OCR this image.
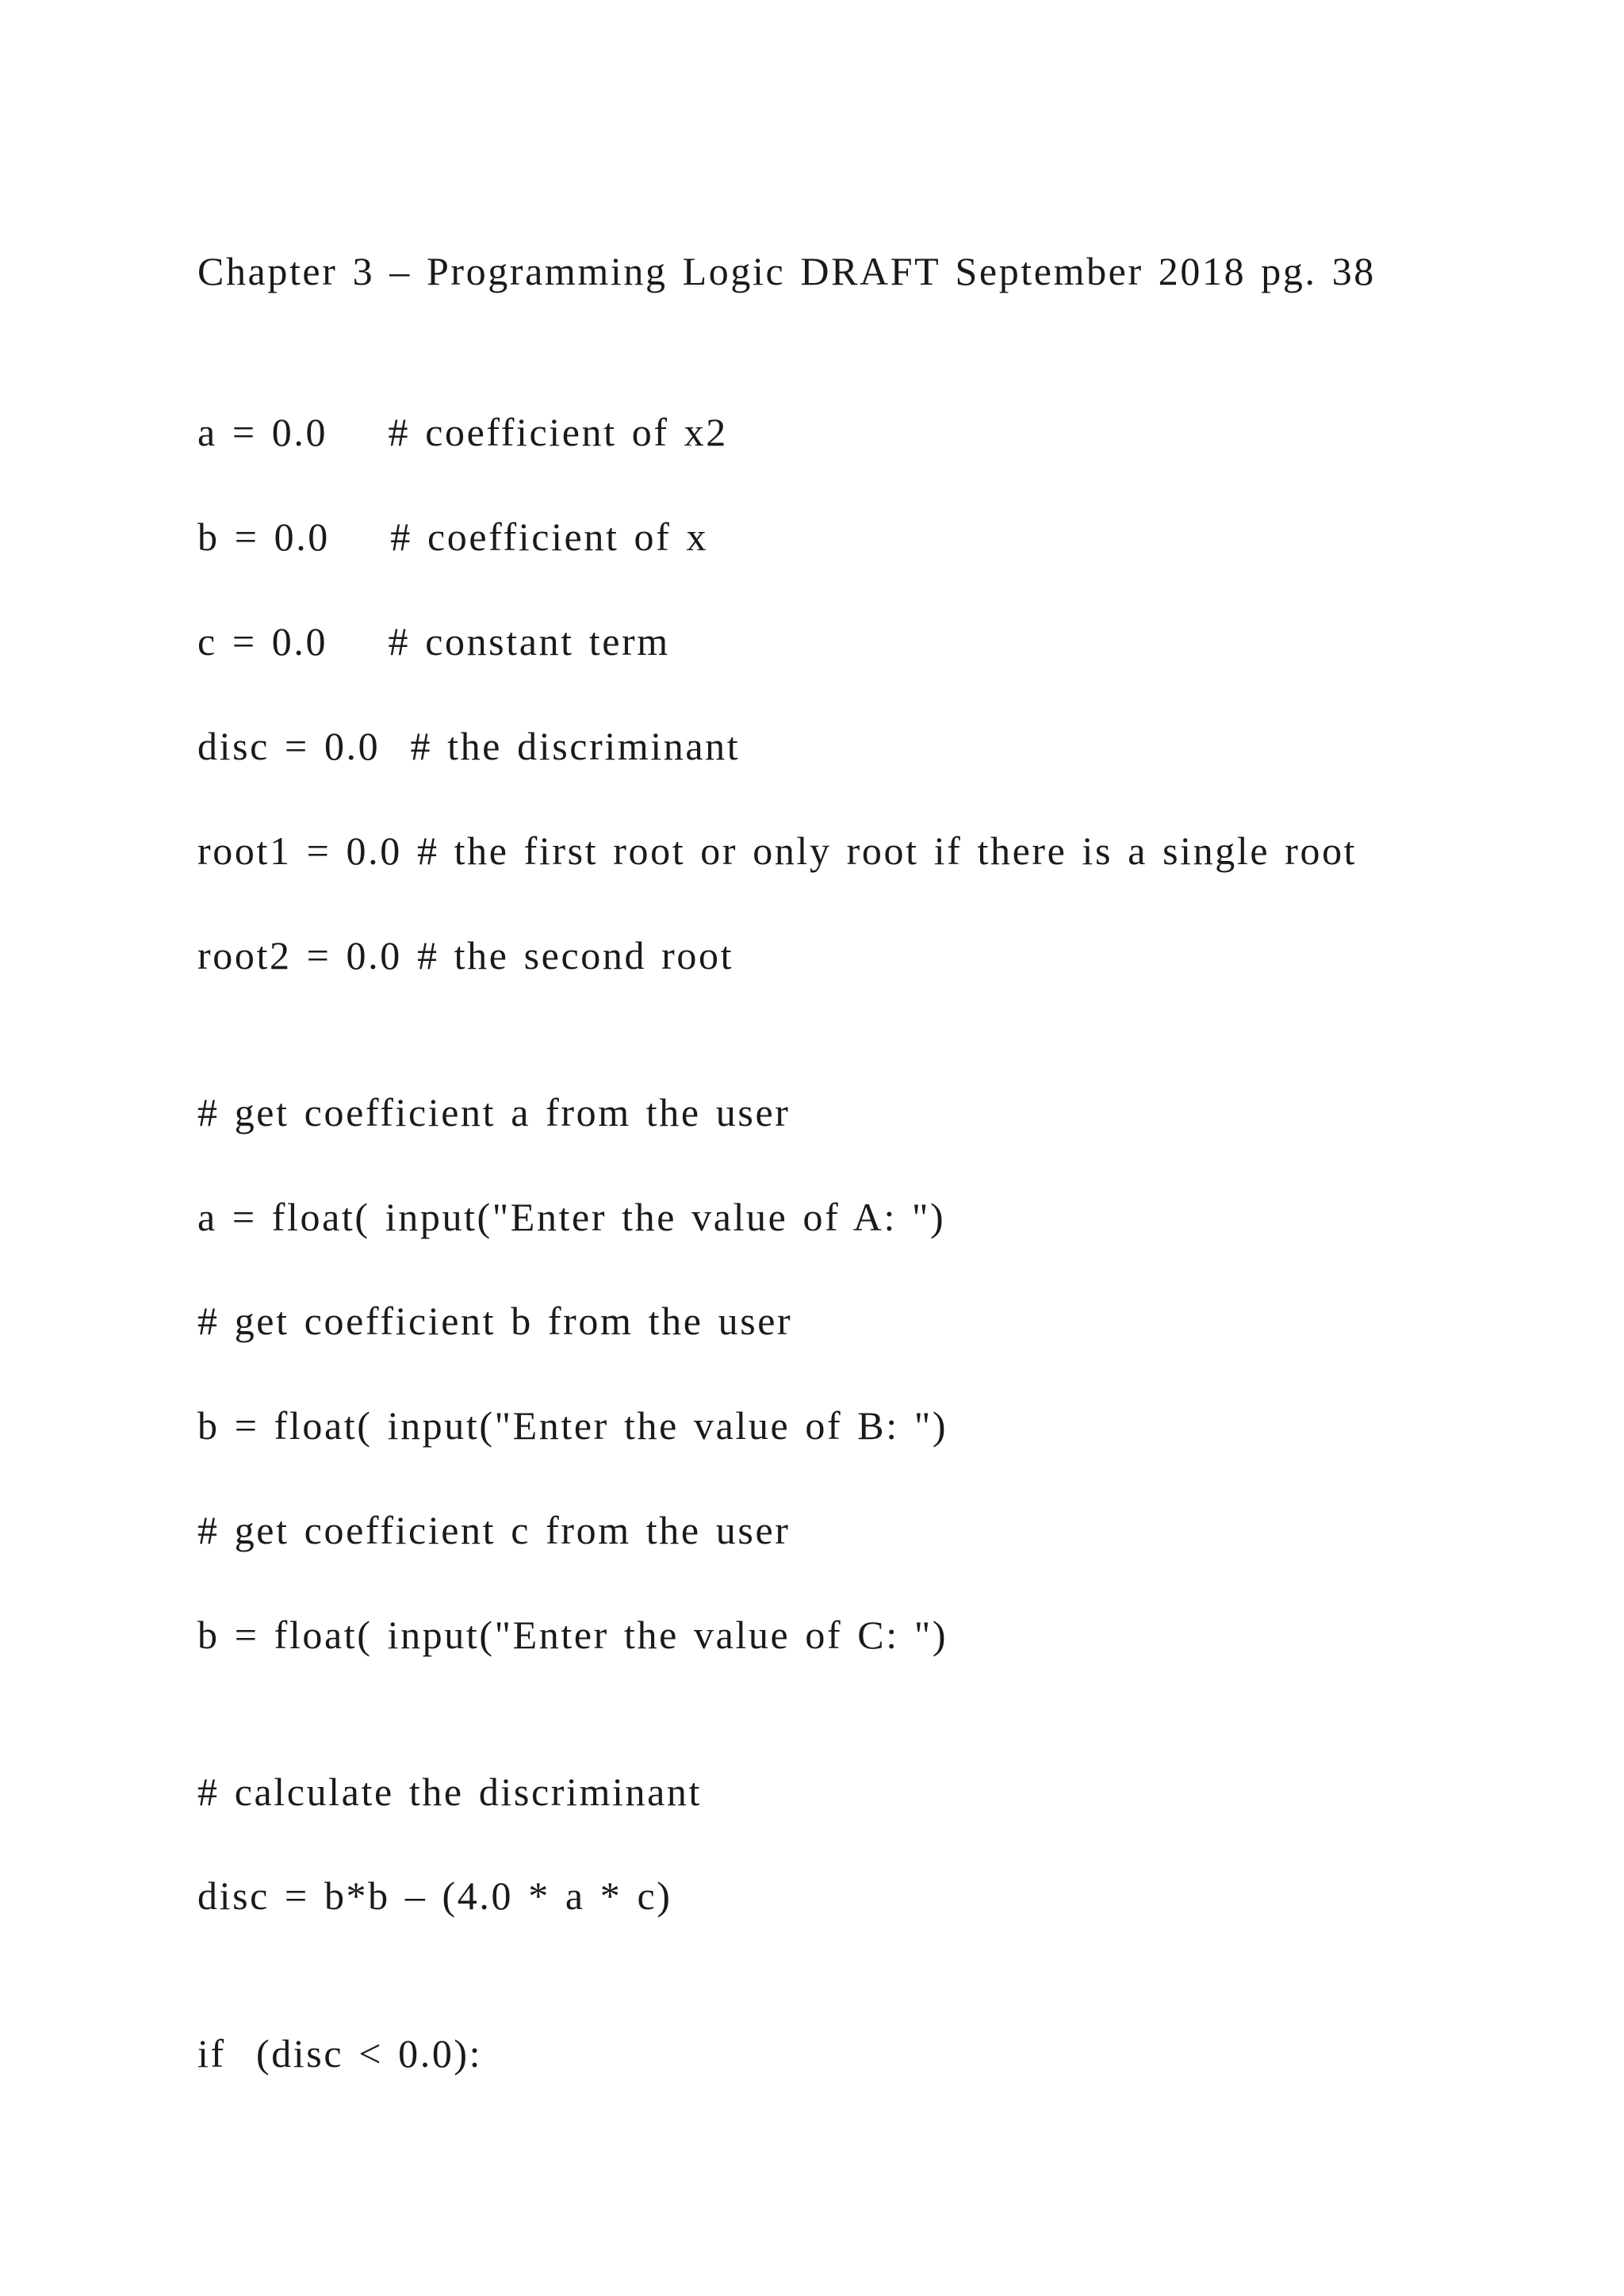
Chapter 3 – Programming Logic DRAFT September 2018 pg. 38

a = 0.0    # coefficient of x2

b = 0.0    # coefficient of x

c = 0.0    # constant term

disc = 0.0  # the discriminant

root1 = 0.0 # the first root or only root if there is a single root

root2 = 0.0 # the second root

# get coefficient a from the user

a = float( input("Enter the value of A: ")

# get coefficient b from the user

b = float( input("Enter the value of B: ")

# get coefficient c from the user

b = float( input("Enter the value of C: ")

# calculate the discriminant

disc = b*b – (4.0 * a * c)

if  (disc < 0.0):
